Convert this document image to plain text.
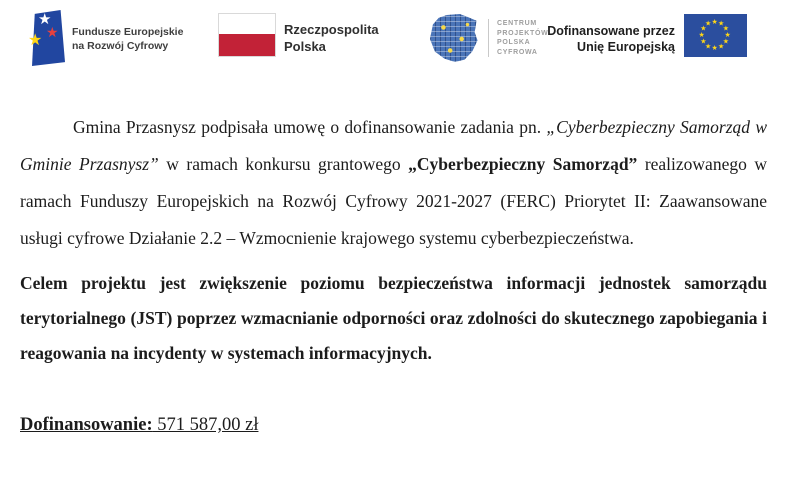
★
★
★
Fundusze Europejskie
na Rozwój Cyfrowy
Rzeczpospolita
Polska
CENTRUM
PROJEKTÓW
POLSKA
CYFROWA
Dofinansowane przez
Unię Europejską

Gmina Przasnysz podpisała umowę o dofinansowanie zadania pn. „Cyberbezpieczny Samorząd w Gminie Przasnysz” w ramach konkursu grantowego „Cyberbezpieczny Samorząd” realizowanego w ramach Funduszy Europejskich na Rozwój Cyfrowy 2021-2027 (FERC) Priorytet II: Zaawansowane usługi cyfrowe Działanie 2.2 – Wzmocnienie krajowego systemu cyberbezpieczeństwa.

Celem projektu jest zwiększenie poziomu bezpieczeństwa informacji jednostek samorządu terytorialnego (JST) poprzez wzmacnianie odporności oraz zdolności do skutecznego zapobiegania i reagowania na incydenty w systemach informacyjnych.

Dofinansowanie: 571 587,00 zł
